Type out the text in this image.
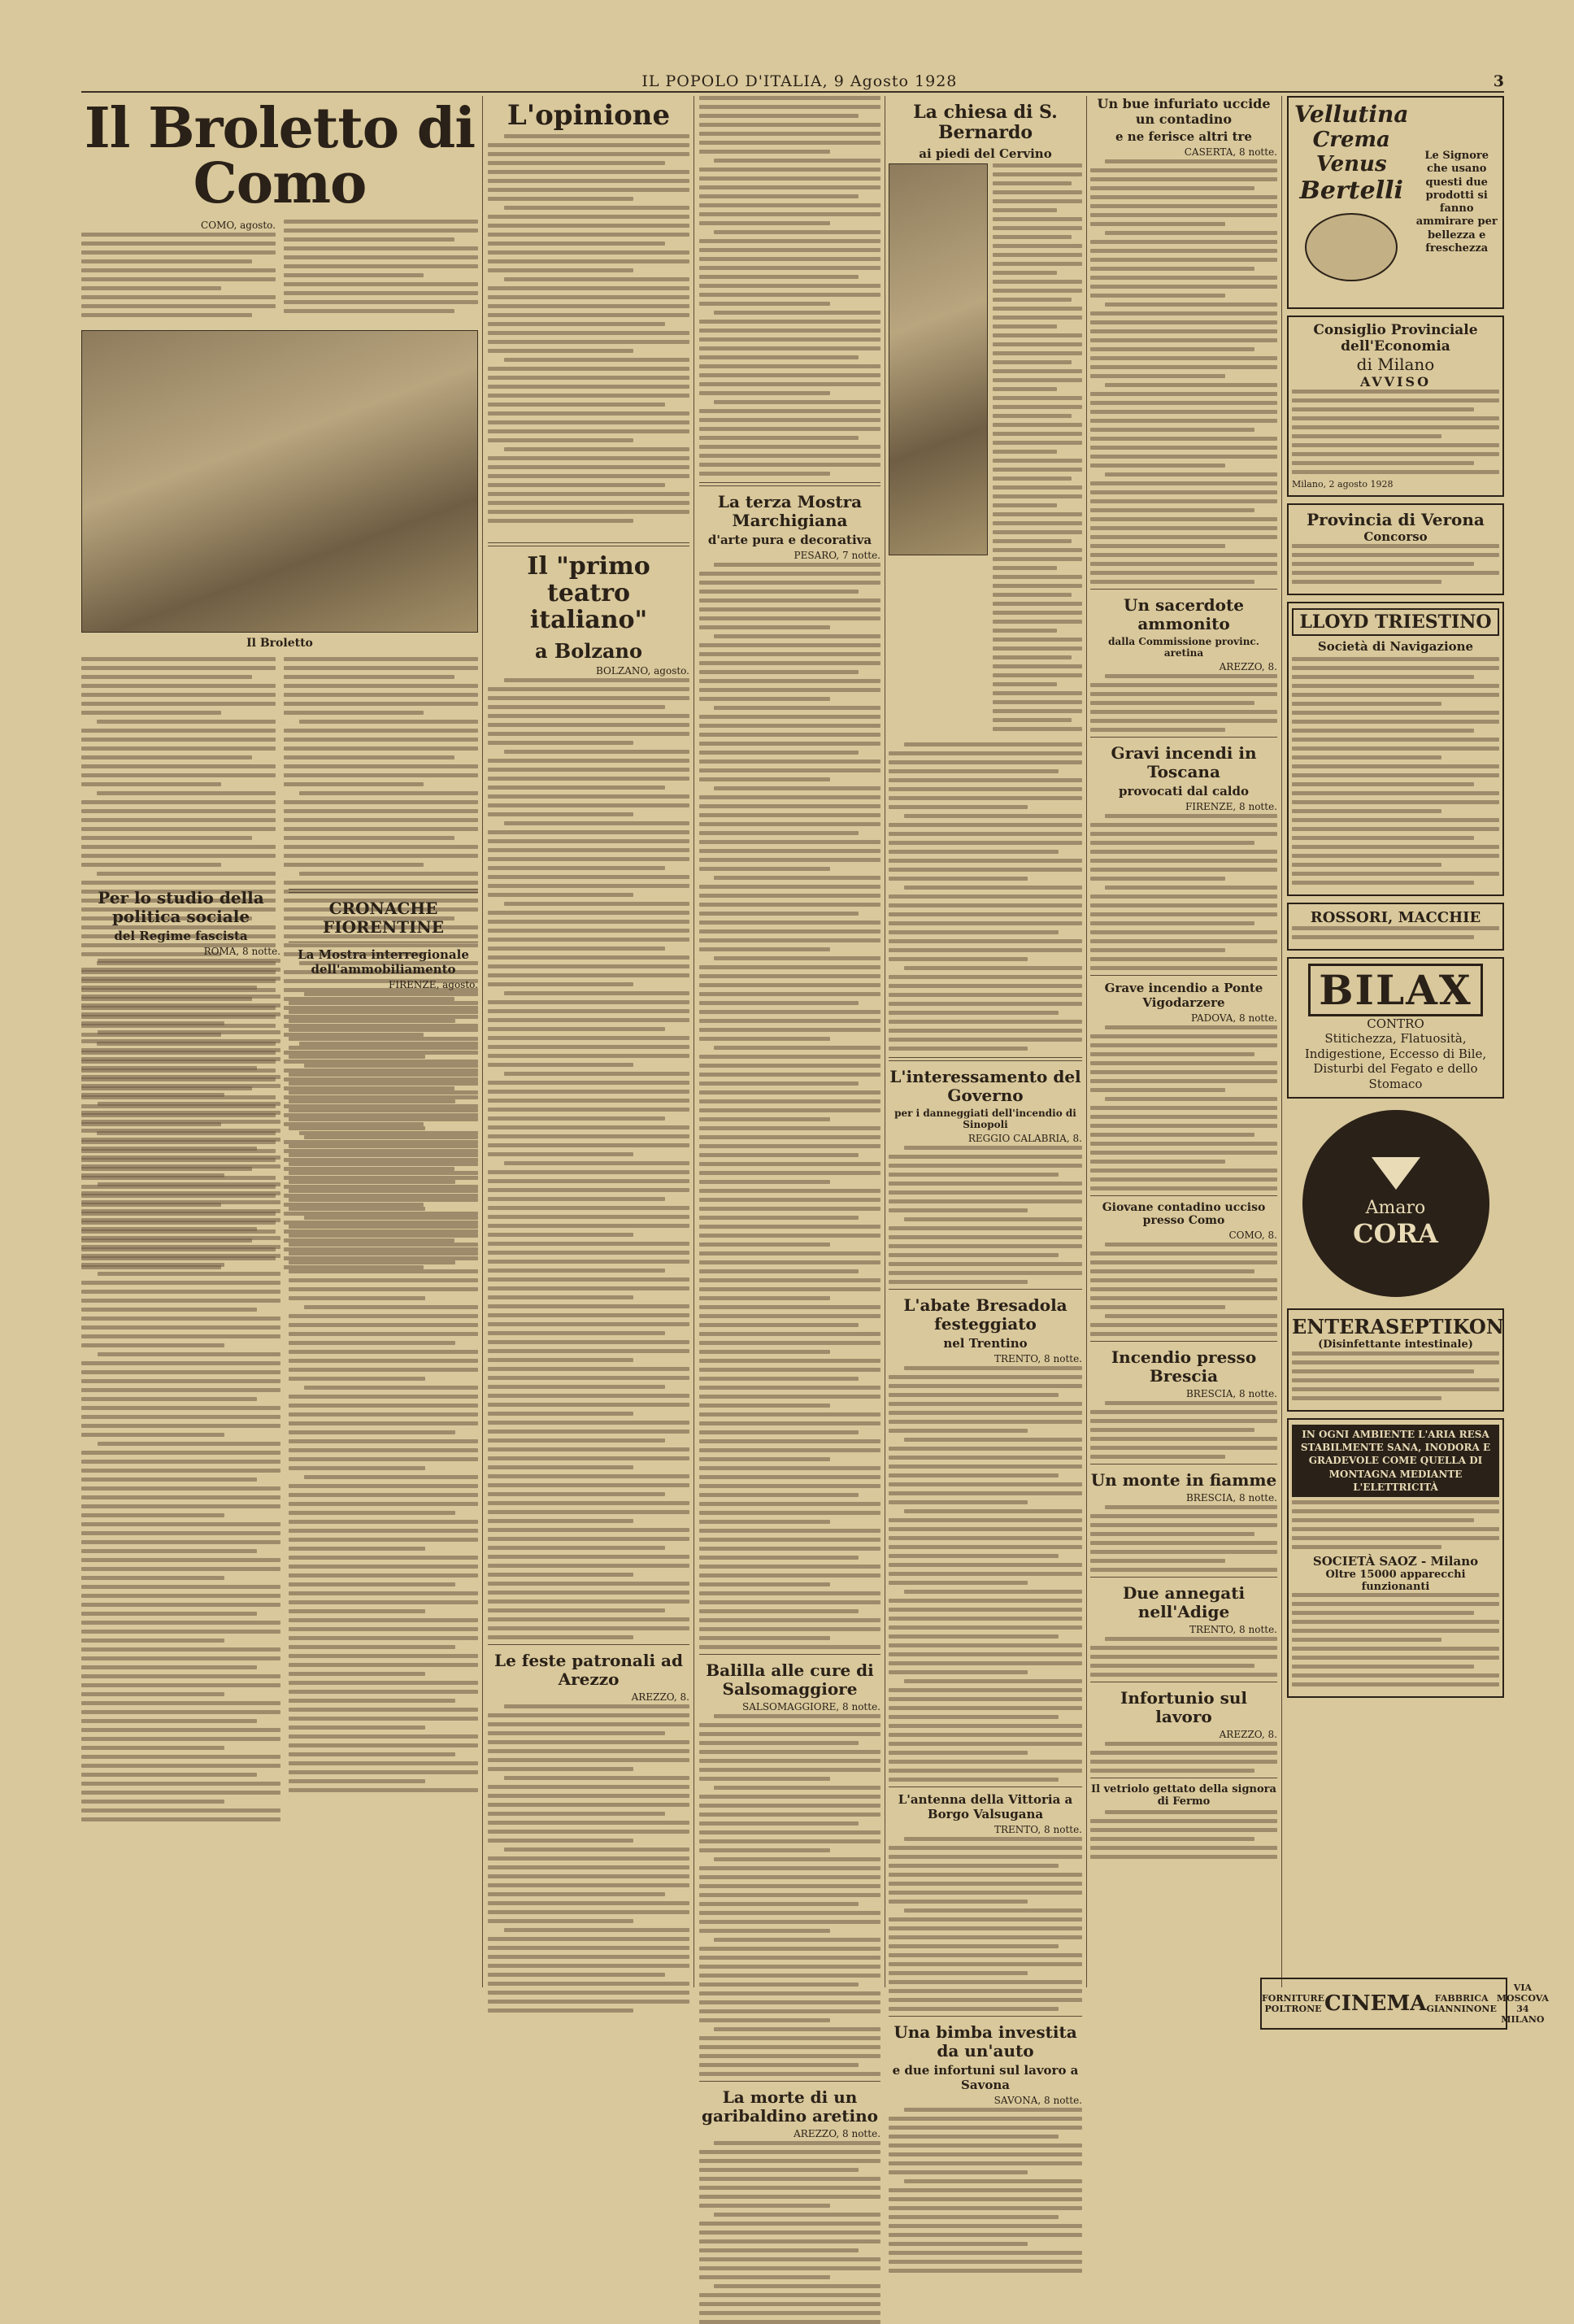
IL POPOLO D'ITALIA, 9 Agosto 1928	3
Il Broletto di Como
COMO, agosto.
Il Broletto
Per lo studio della politica sociale
del Regime fascista
ROMA, 8 notte.
CRONACHE FIORENTINE
La Mostra interregionale dell'ammobiliamento
FIRENZE, agosto.
L'opinione
Il "primo teatro italiano"
a Bolzano
BOLZANO, agosto.
Le feste patronali ad Arezzo
AREZZO, 8.
La terza Mostra Marchigiana
d'arte pura e decorativa
PESARO, 7 notte.
Balilla alle cure di Salsomaggiore
SALSOMAGGIORE, 8 notte.
La morte di un garibaldino aretino
AREZZO, 8 notte.
La chiesa di S. Bernardo
ai piedi del Cervino
L'interessamento del Governo
per i danneggiati dell'incendio di Sinopoli
REGGIO CALABRIA, 8.
L'abate Bresadola festeggiato
nel Trentino
TRENTO, 8 notte.
L'antenna della Vittoria a Borgo Valsugana
TRENTO, 8 notte.
Una bimba investita da un'auto
e due infortuni sul lavoro a Savona
SAVONA, 8 notte.
Un bue infuriato uccide un contadino
e ne ferisce altri tre
CASERTA, 8 notte.
Un sacerdote ammonito
dalla Commissione provinc. aretina
AREZZO, 8.
Gravi incendi in Toscana
provocati dal caldo
FIRENZE, 8 notte.
Grave incendio a Ponte Vigodarzere
PADOVA, 8 notte.
Giovane contadino ucciso presso Como
COMO, 8.
Incendio presso Brescia
BRESCIA, 8 notte.
Un monte in fiamme
BRESCIA, 8 notte.
Due annegati nell'Adige
TRENTO, 8 notte.
Infortunio sul lavoro
AREZZO, 8.
Il vetriolo gettato della signora di Fermo
Vellutina
Crema Venus
Bertelli
Le Signore che usano questi due prodotti si fanno ammirare per bellezza e freschezza
Consiglio Provinciale dell'Economia
di Milano
AVVISO
Milano, 2 agosto 1928
Provincia di Verona
Concorso
LLOYD TRIESTINO
Società di Navigazione
ROSSORI, MACCHIE
BILAX
CONTRO
Stitichezza, Flatuosità, Indigestione, Eccesso di Bile, Disturbi del Fegato e dello Stomaco
Amaro
CORA
ENTERASEPTIKON
(Disinfettante intestinale)
IN OGNI AMBIENTE L'ARIA RESA STABILMENTE SANA, INODORA E GRADEVOLE COME QUELLA DI MONTAGNA MEDIANTE L'ELETTRICITÀ
SOCIETÀ SAOZ - Milano
Oltre 15000 apparecchi funzionanti
FORNITURE POLTRONE CINEMA FABBRICA GIANNINONE
VIA MOSCOVA 34 MILANO
